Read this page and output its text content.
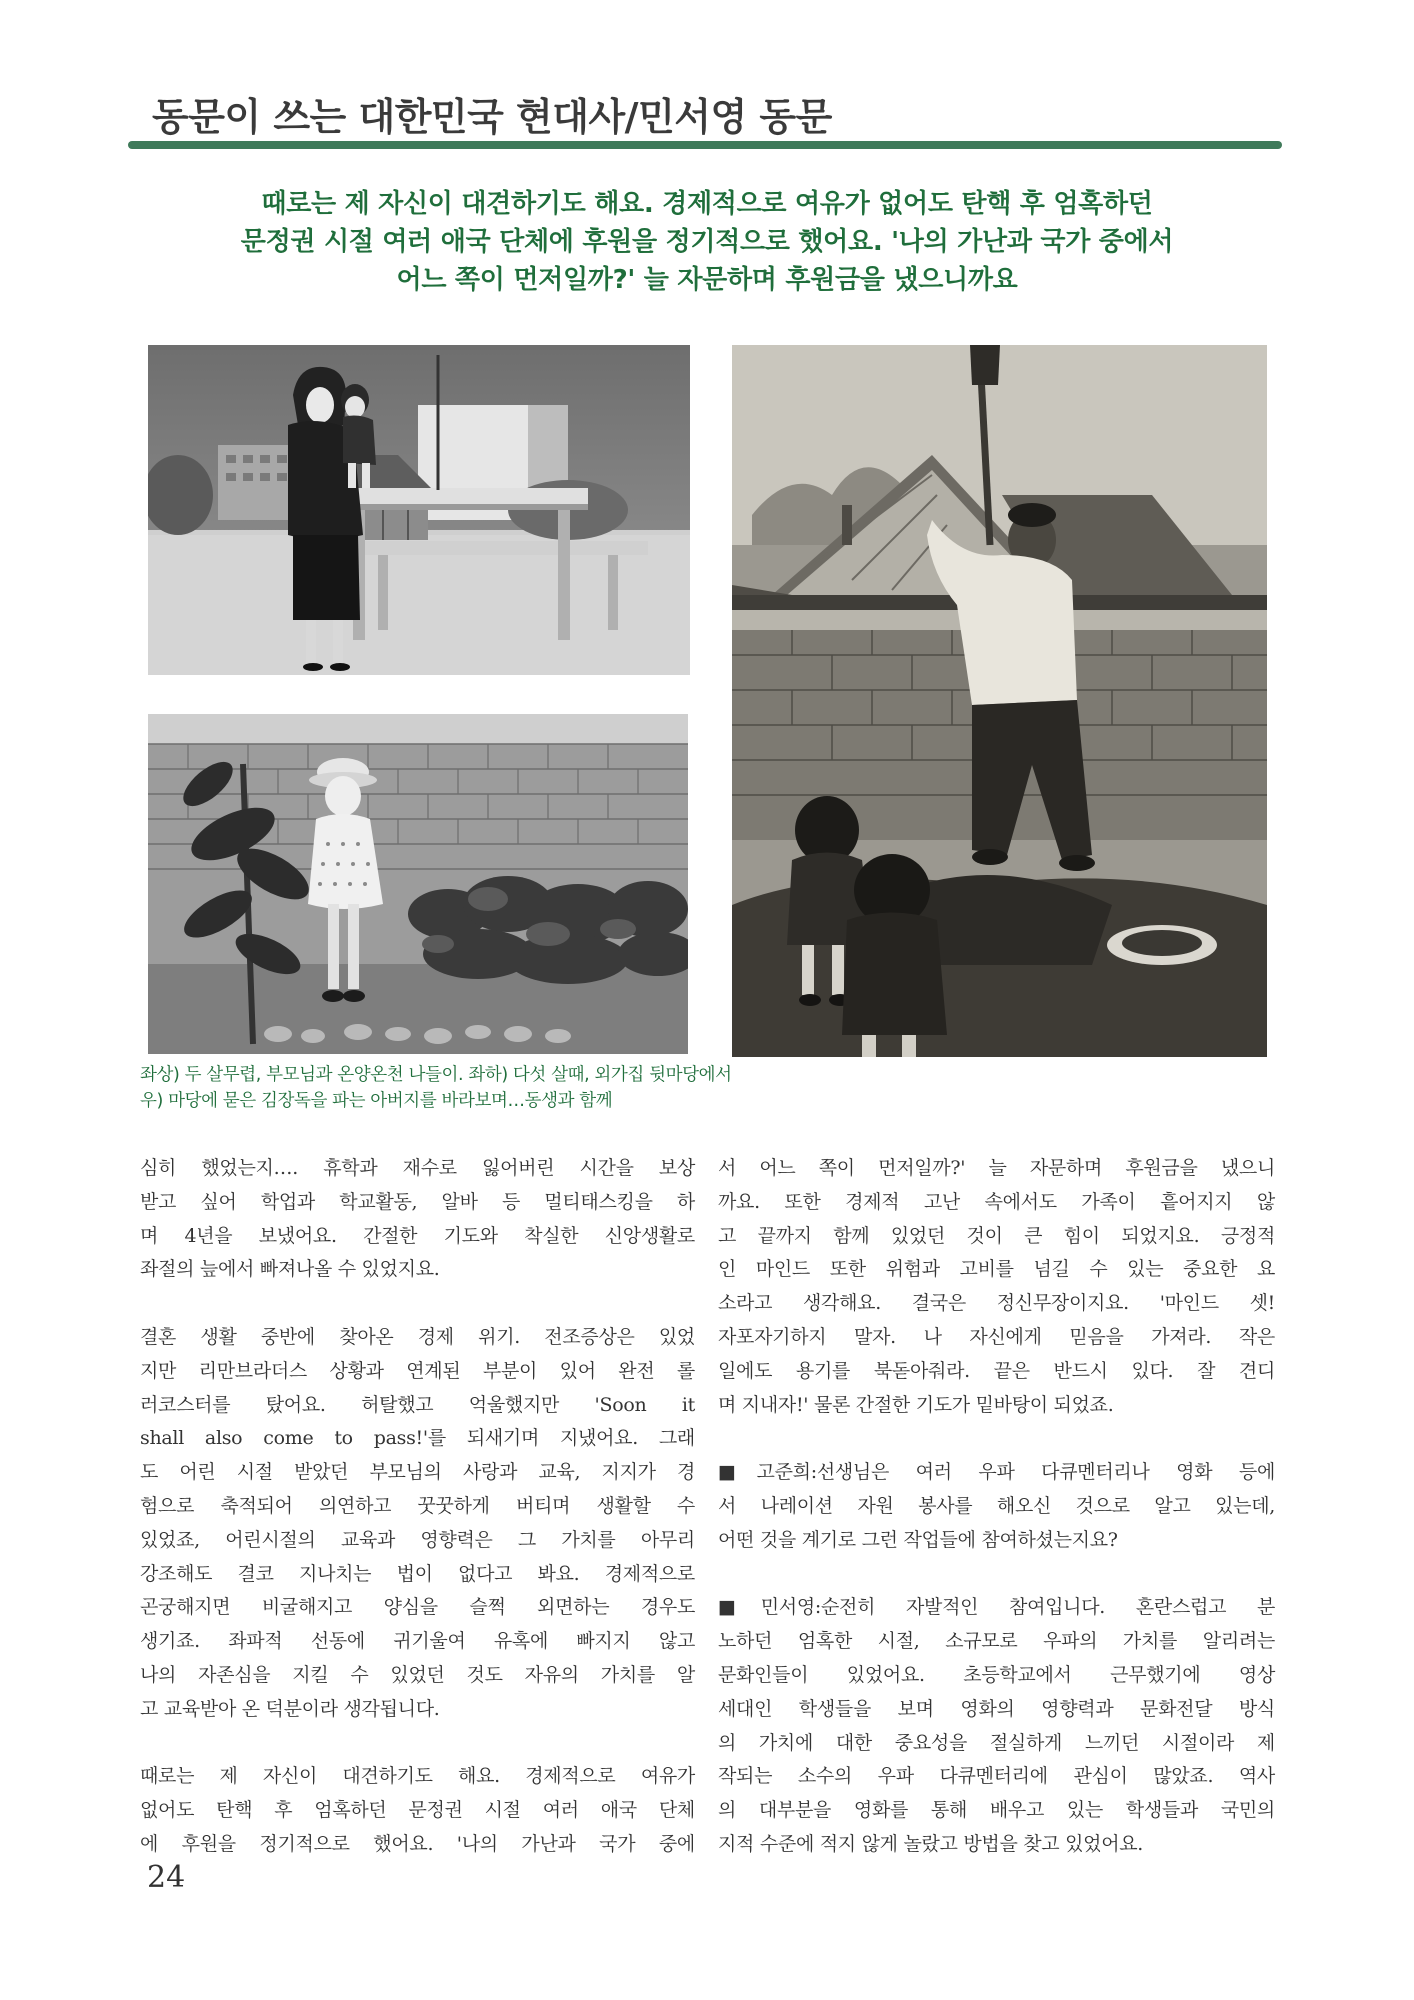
동문이 쓰는 대한민국 현대사/민서영 동문
때로는 제 자신이 대견하기도 해요. 경제적으로 여유가 없어도 탄핵 후 엄혹하던
문정권 시절 여러 애국 단체에 후원을 정기적으로 했어요. '나의 가난과 국가 중에서
어느 쪽이 먼저일까?' 늘 자문하며 후원금을 냈으니까요
좌상) 두 살무렵, 부모님과 온양온천 나들이. 좌하) 다섯 살때, 외가집 뒷마당에서
우) 마당에 묻은 김장독을 파는 아버지를 바라보며…동생과 함께
심히 했었는지…. 휴학과 재수로 잃어버린 시간을 보상
받고 싶어 학업과 학교활동, 알바 등 멀티태스킹을 하
며 4년을 보냈어요. 간절한 기도와 착실한 신앙생활로
좌절의 늪에서 빠져나올 수 있었지요.
결혼 생활 중반에 찾아온 경제 위기. 전조증상은 있었
지만 리만브라더스 상황과 연계된 부분이 있어 완전 롤
러코스터를 탔어요. 허탈했고 억울했지만 'Soon it
shall also come to pass!'를 되새기며 지냈어요. 그래
도 어린 시절 받았던 부모님의 사랑과 교육, 지지가 경
험으로 축적되어 의연하고 꿋꿋하게 버티며 생활할 수
있었죠, 어린시절의 교육과 영향력은 그 가치를 아무리
강조해도 결코 지나치는 법이 없다고 봐요. 경제적으로
곤궁해지면 비굴해지고 양심을 슬쩍 외면하는 경우도
생기죠. 좌파적 선동에 귀기울여 유혹에 빠지지 않고
나의 자존심을 지킬 수 있었던 것도 자유의 가치를 알
고 교육받아 온 덕분이라 생각됩니다.
때로는 제 자신이 대견하기도 해요. 경제적으로 여유가
없어도 탄핵 후 엄혹하던 문정권 시절 여러 애국 단체
에 후원을 정기적으로 했어요. '나의 가난과 국가 중에
서 어느 쪽이 먼저일까?' 늘 자문하며 후원금을 냈으니
까요. 또한 경제적 고난 속에서도 가족이 흩어지지 않
고 끝까지 함께 있었던 것이 큰 힘이 되었지요. 긍정적
인 마인드 또한 위험과 고비를 넘길 수 있는 중요한 요
소라고 생각해요. 결국은 정신무장이지요. '마인드 셋!
자포자기하지 말자. 나 자신에게 믿음을 가져라. 작은
일에도 용기를 북돋아줘라. 끝은 반드시 있다. 잘 견디
며 지내자!' 물론 간절한 기도가 밑바탕이 되었죠.
■고준희:선생님은 여러 우파 다큐멘터리나 영화 등에
서 나레이션 자원 봉사를 해오신 것으로 알고 있는데,
어떤 것을 계기로 그런 작업들에 참여하셨는지요?
■민서영:순전히 자발적인 참여입니다. 혼란스럽고 분
노하던 엄혹한 시절, 소규모로 우파의 가치를 알리려는
문화인들이 있었어요. 초등학교에서 근무했기에 영상
세대인 학생들을 보며 영화의 영향력과 문화전달 방식
의 가치에 대한 중요성을 절실하게 느끼던 시절이라 제
작되는 소수의 우파 다큐멘터리에 관심이 많았죠. 역사
의 대부분을 영화를 통해 배우고 있는 학생들과 국민의
지적 수준에 적지 않게 놀랐고 방법을 찾고 있었어요.
24
